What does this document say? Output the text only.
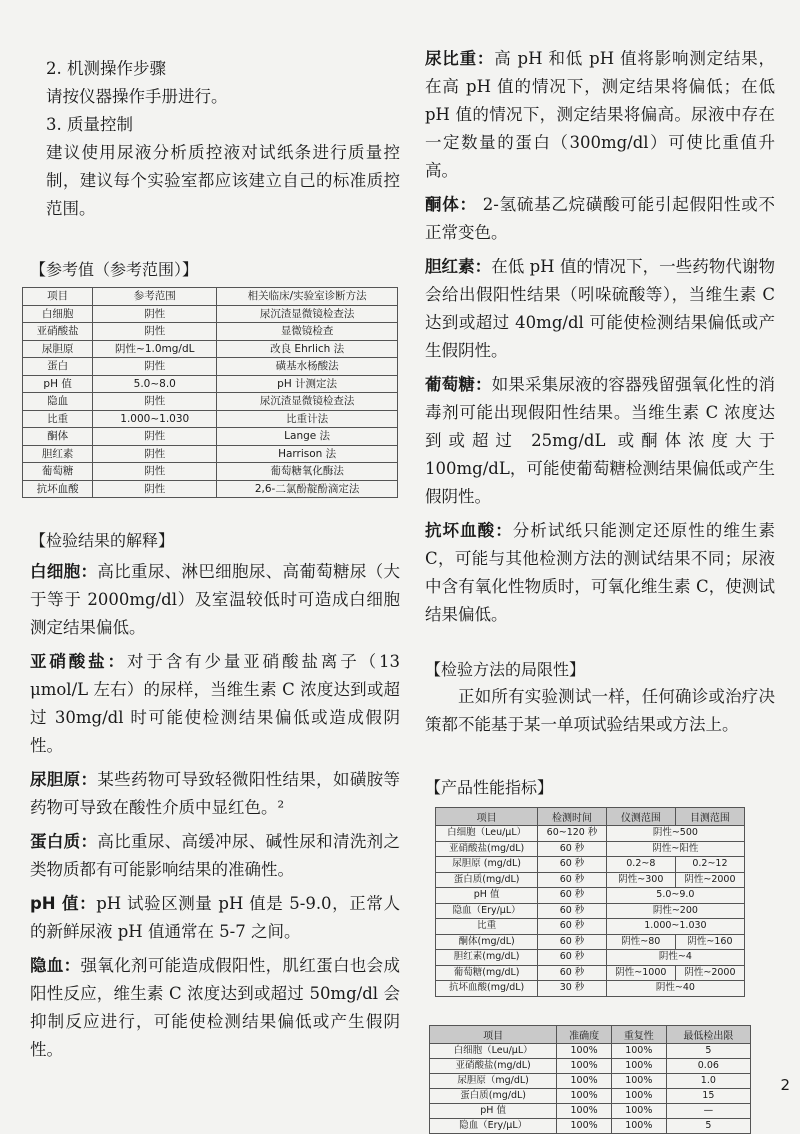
2. 机测操作步骤

请按仪器操作手册进行。

3. 质量控制

建议使用尿液分析质控液对试纸条进行质量控制，建议每个实验室都应该建立自己的标准质控范围。

【参考值（参考范围）】

项目	参考范围	相关临床/实验室诊断方法
白细胞	阴性	尿沉渣显微镜检查法
亚硝酸盐	阴性	显微镜检查
尿胆原	阴性~1.0mg/dL	改良 Ehrlich 法
蛋白	阴性	磺基水杨酸法
pH 值	5.0~8.0	pH 计测定法
隐血	阴性	尿沉渣显微镜检查法
比重	1.000~1.030	比重计法
酮体	阴性	Lange 法
胆红素	阴性	Harrison 法
葡萄糖	阴性	葡萄糖氧化酶法
抗坏血酸	阴性	2,6-二氯酚靛酚滴定法

【检验结果的解释】

白细胞：高比重尿、淋巴细胞尿、高葡萄糖尿（大于等于 2000mg/dl）及室温较低时可造成白细胞测定结果偏低。

亚硝酸盐：对于含有少量亚硝酸盐离子（13 μmol/L 左右）的尿样，当维生素 C 浓度达到或超过 30mg/dl 时可能使检测结果偏低或造成假阴性。

尿胆原：某些药物可导致轻微阳性结果，如磺胺等药物可导致在酸性介质中显红色。²

蛋白质：高比重尿、高缓冲尿、碱性尿和清洗剂之类物质都有可能影响结果的准确性。

pH 值：pH 试验区测量 pH 值是 5-9.0，正常人的新鲜尿液 pH 值通常在 5-7 之间。

隐血：强氧化剂可能造成假阳性，肌红蛋白也会成阳性反应，维生素 C 浓度达到或超过 50mg/dl 会抑制反应进行，可能使检测结果偏低或产生假阴性。

尿比重：高 pH 和低 pH 值将影响测定结果，在高 pH 值的情况下，测定结果将偏低；在低 pH 值的情况下，测定结果将偏高。尿液中存在一定数量的蛋白（300mg/dl）可使比重值升高。

酮体： 2-氢硫基乙烷磺酸可能引起假阳性或不正常变色。

胆红素：在低 pH 值的情况下，一些药物代谢物会给出假阳性结果（吲哚硫酸等），当维生素 C 达到或超过 40mg/dl 可能使检测结果偏低或产生假阴性。

葡萄糖：如果采集尿液的容器残留强氧化性的消毒剂可能出现假阳性结果。当维生素 C 浓度达到或超过 25mg/dL 或酮体浓度大于 100mg/dL，可能使葡萄糖检测结果偏低或产生假阴性。

抗坏血酸：分析试纸只能测定还原性的维生素 C，可能与其他检测方法的测试结果不同；尿液中含有氧化性物质时，可氧化维生素 C，使测试结果偏低。

【检验方法的局限性】

正如所有实验测试一样，任何确诊或治疗决策都不能基于某一单项试验结果或方法上。

【产品性能指标】

项目	检测时间	仪测范围	目测范围
白细胞（Leu/μL）	60~120 秒	阴性~500	
亚硝酸盐(mg/dL)	60 秒	阴性~阳性	
尿胆原 (mg/dL)	60 秒	0.2~8	0.2~12
蛋白质(mg/dL)	60 秒	阴性~300	阴性~2000
pH 值	60 秒	5.0~9.0	
隐血（Ery/μL）	60 秒	阴性~200	
比重	60 秒	1.000~1.030	
酮体(mg/dL)	60 秒	阴性~80	阴性~160
胆红素(mg/dL)	60 秒	阴性~4	
葡萄糖(mg/dL)	60 秒	阴性~1000	阴性~2000
抗坏血酸(mg/dL)	30 秒	阴性~40	
项目	准确度	重复性	最低检出限
白细胞（Leu/μL）	100%	100%	5
亚硝酸盐(mg/dL)	100%	100%	0.06
尿胆原（mg/dL)	100%	100%	1.0
蛋白质(mg/dL)	100%	100%	15
pH 值	100%	100%	—
隐血（Ery/μL）	100%	100%	5
2
